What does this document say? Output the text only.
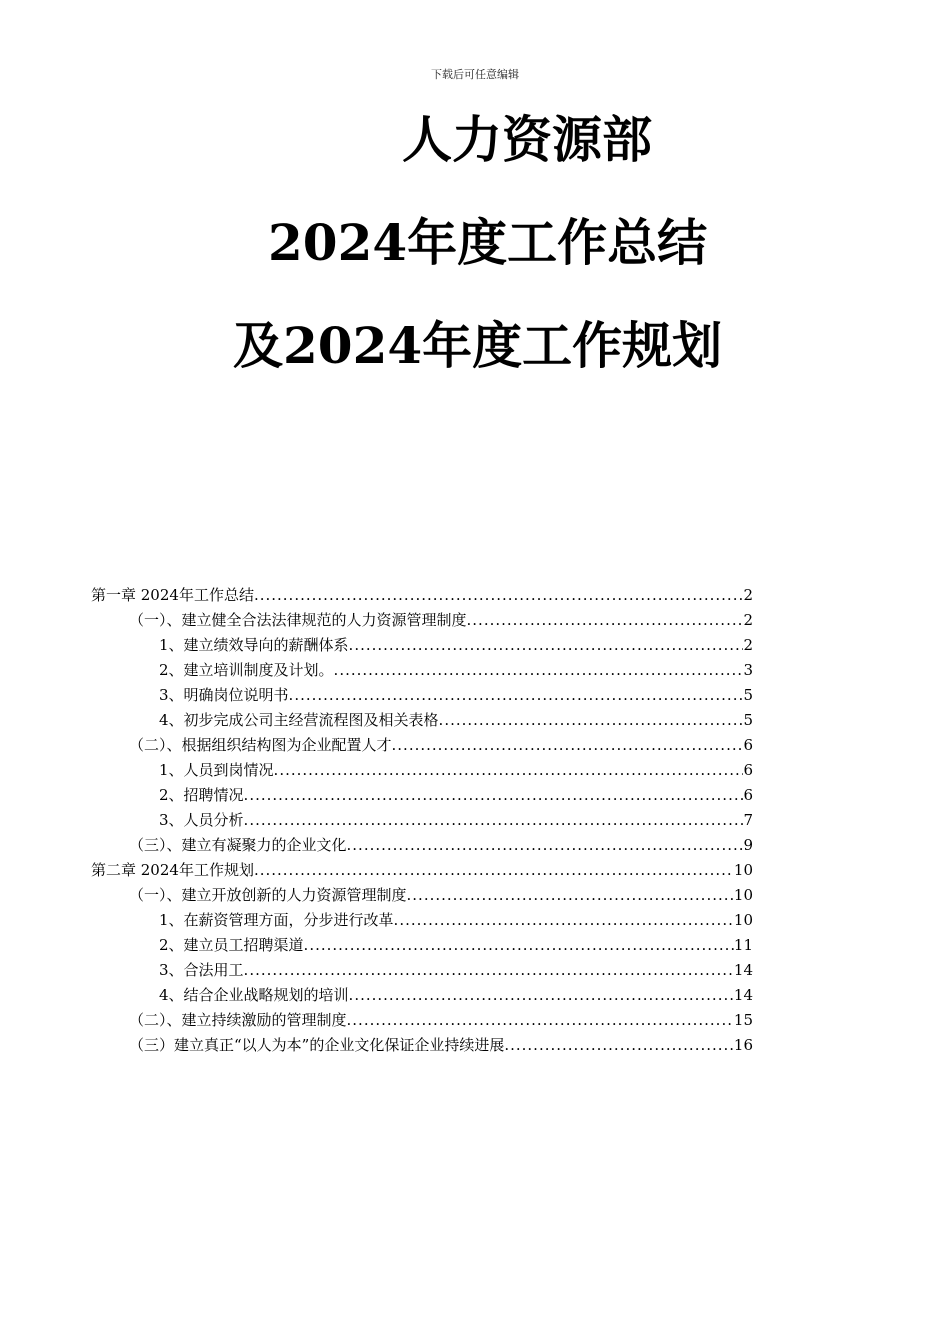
下载后可任意编辑
人力资源部
2024年度工作总结
及2024年度工作规划
第一章 2024年工作总结 .....	2
（一）、建立健全合法法律规范的人力资源管理制度 .....	2
1、建立绩效导向的薪酬体系 .....	2
2、建立培训制度及计划。 .....	3
3、明确岗位说明书 .....	5
4、初步完成公司主经营流程图及相关表格 .....	5
（二）、根据组织结构图为企业配置人才 .....	6
1、人员到岗情况 .....	6
2、招聘情况 .....	6
3、人员分析 .....	7
（三）、建立有凝聚力的企业文化 .....	9
第二章 2024年工作规划 .....	10
（一）、建立开放创新的人力资源管理制度 .....	10
1、在薪资管理方面，分步进行改革 .....	10
2、建立员工招聘渠道 .....	11
3、合法用工 .....	14
4、结合企业战略规划的培训 .....	14
（二）、建立持续激励的管理制度 .....	15
（三）建立真正“以人为本”的企业文化保证企业持续进展 .....	16
